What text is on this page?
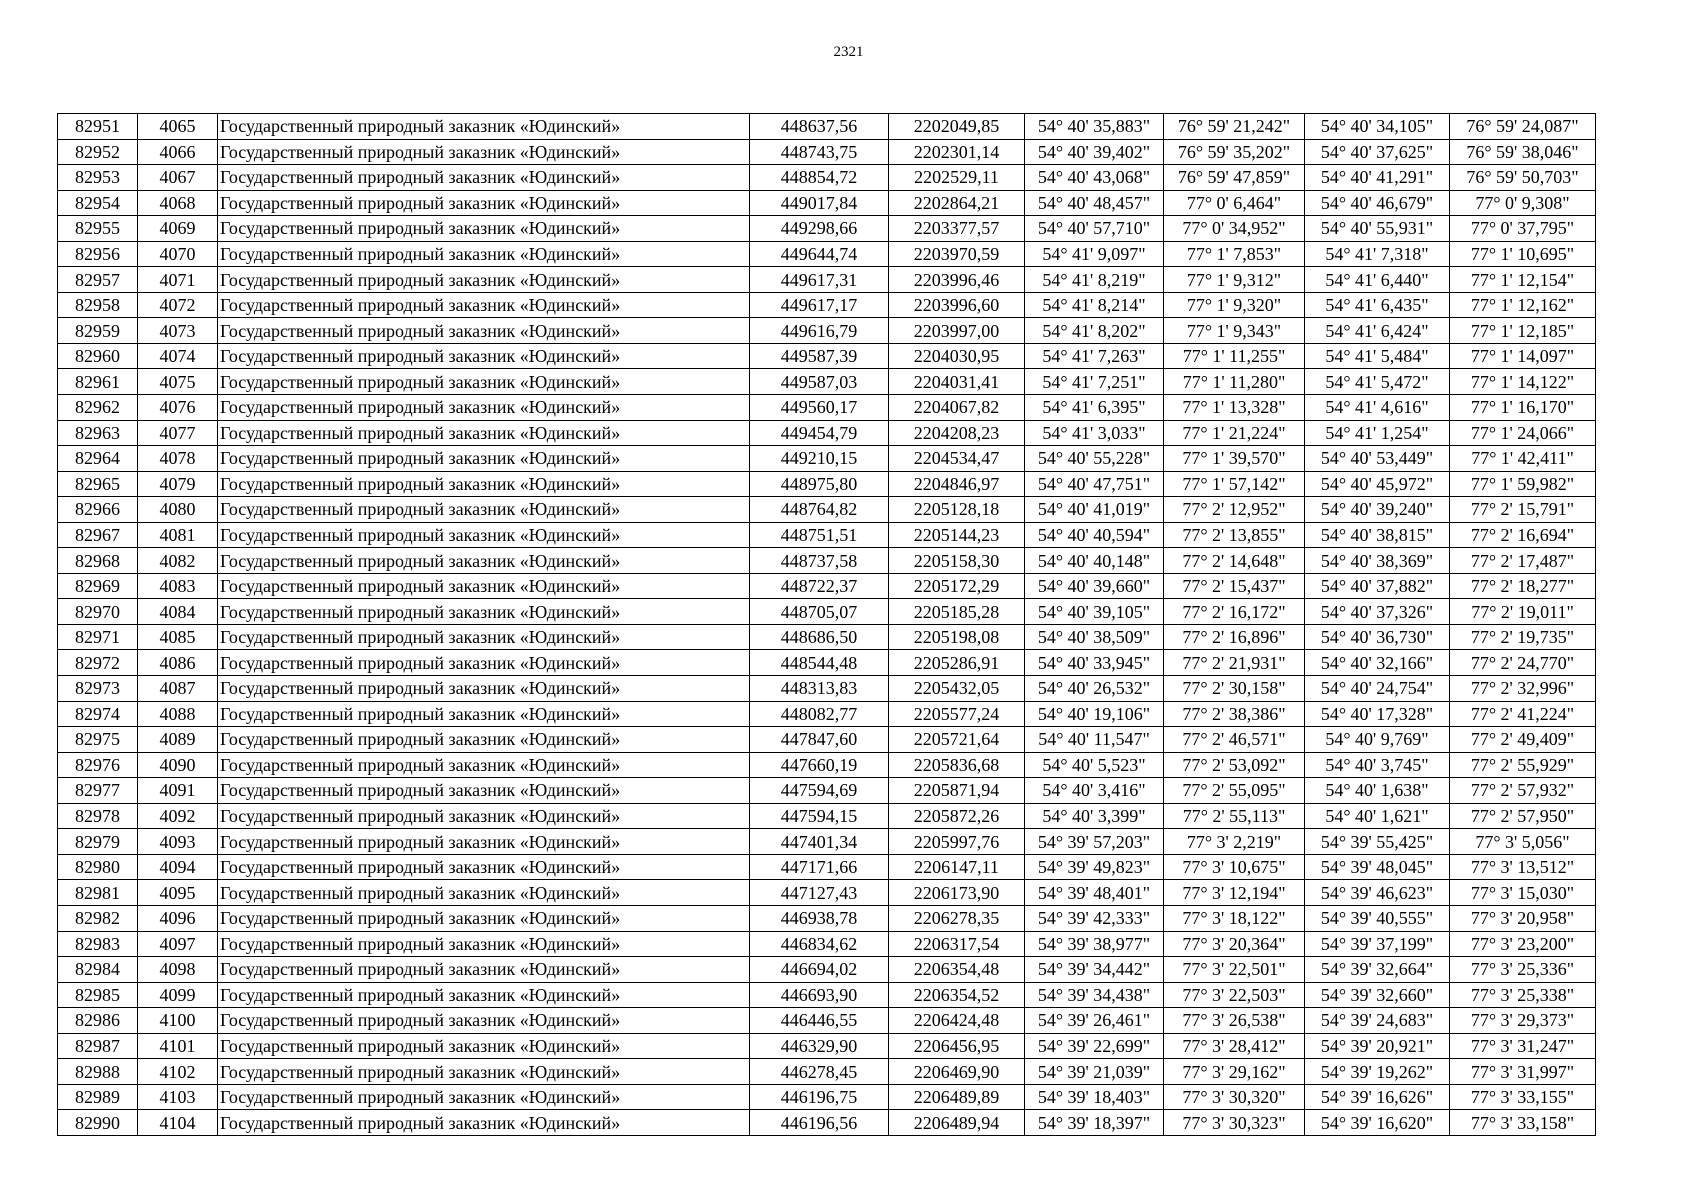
2321
82951	4065	Государственный природный заказник «Юдинский»	448637,56	2202049,85	54° 40' 35,883"	76° 59' 21,242"	54° 40' 34,105"	76° 59' 24,087"
82952	4066	Государственный природный заказник «Юдинский»	448743,75	2202301,14	54° 40' 39,402"	76° 59' 35,202"	54° 40' 37,625"	76° 59' 38,046"
82953	4067	Государственный природный заказник «Юдинский»	448854,72	2202529,11	54° 40' 43,068"	76° 59' 47,859"	54° 40' 41,291"	76° 59' 50,703"
82954	4068	Государственный природный заказник «Юдинский»	449017,84	2202864,21	54° 40' 48,457"	77° 0' 6,464"	54° 40' 46,679"	77° 0' 9,308"
82955	4069	Государственный природный заказник «Юдинский»	449298,66	2203377,57	54° 40' 57,710"	77° 0' 34,952"	54° 40' 55,931"	77° 0' 37,795"
82956	4070	Государственный природный заказник «Юдинский»	449644,74	2203970,59	54° 41' 9,097"	77° 1' 7,853"	54° 41' 7,318"	77° 1' 10,695"
82957	4071	Государственный природный заказник «Юдинский»	449617,31	2203996,46	54° 41' 8,219"	77° 1' 9,312"	54° 41' 6,440"	77° 1' 12,154"
82958	4072	Государственный природный заказник «Юдинский»	449617,17	2203996,60	54° 41' 8,214"	77° 1' 9,320"	54° 41' 6,435"	77° 1' 12,162"
82959	4073	Государственный природный заказник «Юдинский»	449616,79	2203997,00	54° 41' 8,202"	77° 1' 9,343"	54° 41' 6,424"	77° 1' 12,185"
82960	4074	Государственный природный заказник «Юдинский»	449587,39	2204030,95	54° 41' 7,263"	77° 1' 11,255"	54° 41' 5,484"	77° 1' 14,097"
82961	4075	Государственный природный заказник «Юдинский»	449587,03	2204031,41	54° 41' 7,251"	77° 1' 11,280"	54° 41' 5,472"	77° 1' 14,122"
82962	4076	Государственный природный заказник «Юдинский»	449560,17	2204067,82	54° 41' 6,395"	77° 1' 13,328"	54° 41' 4,616"	77° 1' 16,170"
82963	4077	Государственный природный заказник «Юдинский»	449454,79	2204208,23	54° 41' 3,033"	77° 1' 21,224"	54° 41' 1,254"	77° 1' 24,066"
82964	4078	Государственный природный заказник «Юдинский»	449210,15	2204534,47	54° 40' 55,228"	77° 1' 39,570"	54° 40' 53,449"	77° 1' 42,411"
82965	4079	Государственный природный заказник «Юдинский»	448975,80	2204846,97	54° 40' 47,751"	77° 1' 57,142"	54° 40' 45,972"	77° 1' 59,982"
82966	4080	Государственный природный заказник «Юдинский»	448764,82	2205128,18	54° 40' 41,019"	77° 2' 12,952"	54° 40' 39,240"	77° 2' 15,791"
82967	4081	Государственный природный заказник «Юдинский»	448751,51	2205144,23	54° 40' 40,594"	77° 2' 13,855"	54° 40' 38,815"	77° 2' 16,694"
82968	4082	Государственный природный заказник «Юдинский»	448737,58	2205158,30	54° 40' 40,148"	77° 2' 14,648"	54° 40' 38,369"	77° 2' 17,487"
82969	4083	Государственный природный заказник «Юдинский»	448722,37	2205172,29	54° 40' 39,660"	77° 2' 15,437"	54° 40' 37,882"	77° 2' 18,277"
82970	4084	Государственный природный заказник «Юдинский»	448705,07	2205185,28	54° 40' 39,105"	77° 2' 16,172"	54° 40' 37,326"	77° 2' 19,011"
82971	4085	Государственный природный заказник «Юдинский»	448686,50	2205198,08	54° 40' 38,509"	77° 2' 16,896"	54° 40' 36,730"	77° 2' 19,735"
82972	4086	Государственный природный заказник «Юдинский»	448544,48	2205286,91	54° 40' 33,945"	77° 2' 21,931"	54° 40' 32,166"	77° 2' 24,770"
82973	4087	Государственный природный заказник «Юдинский»	448313,83	2205432,05	54° 40' 26,532"	77° 2' 30,158"	54° 40' 24,754"	77° 2' 32,996"
82974	4088	Государственный природный заказник «Юдинский»	448082,77	2205577,24	54° 40' 19,106"	77° 2' 38,386"	54° 40' 17,328"	77° 2' 41,224"
82975	4089	Государственный природный заказник «Юдинский»	447847,60	2205721,64	54° 40' 11,547"	77° 2' 46,571"	54° 40' 9,769"	77° 2' 49,409"
82976	4090	Государственный природный заказник «Юдинский»	447660,19	2205836,68	54° 40' 5,523"	77° 2' 53,092"	54° 40' 3,745"	77° 2' 55,929"
82977	4091	Государственный природный заказник «Юдинский»	447594,69	2205871,94	54° 40' 3,416"	77° 2' 55,095"	54° 40' 1,638"	77° 2' 57,932"
82978	4092	Государственный природный заказник «Юдинский»	447594,15	2205872,26	54° 40' 3,399"	77° 2' 55,113"	54° 40' 1,621"	77° 2' 57,950"
82979	4093	Государственный природный заказник «Юдинский»	447401,34	2205997,76	54° 39' 57,203"	77° 3' 2,219"	54° 39' 55,425"	77° 3' 5,056"
82980	4094	Государственный природный заказник «Юдинский»	447171,66	2206147,11	54° 39' 49,823"	77° 3' 10,675"	54° 39' 48,045"	77° 3' 13,512"
82981	4095	Государственный природный заказник «Юдинский»	447127,43	2206173,90	54° 39' 48,401"	77° 3' 12,194"	54° 39' 46,623"	77° 3' 15,030"
82982	4096	Государственный природный заказник «Юдинский»	446938,78	2206278,35	54° 39' 42,333"	77° 3' 18,122"	54° 39' 40,555"	77° 3' 20,958"
82983	4097	Государственный природный заказник «Юдинский»	446834,62	2206317,54	54° 39' 38,977"	77° 3' 20,364"	54° 39' 37,199"	77° 3' 23,200"
82984	4098	Государственный природный заказник «Юдинский»	446694,02	2206354,48	54° 39' 34,442"	77° 3' 22,501"	54° 39' 32,664"	77° 3' 25,336"
82985	4099	Государственный природный заказник «Юдинский»	446693,90	2206354,52	54° 39' 34,438"	77° 3' 22,503"	54° 39' 32,660"	77° 3' 25,338"
82986	4100	Государственный природный заказник «Юдинский»	446446,55	2206424,48	54° 39' 26,461"	77° 3' 26,538"	54° 39' 24,683"	77° 3' 29,373"
82987	4101	Государственный природный заказник «Юдинский»	446329,90	2206456,95	54° 39' 22,699"	77° 3' 28,412"	54° 39' 20,921"	77° 3' 31,247"
82988	4102	Государственный природный заказник «Юдинский»	446278,45	2206469,90	54° 39' 21,039"	77° 3' 29,162"	54° 39' 19,262"	77° 3' 31,997"
82989	4103	Государственный природный заказник «Юдинский»	446196,75	2206489,89	54° 39' 18,403"	77° 3' 30,320"	54° 39' 16,626"	77° 3' 33,155"
82990	4104	Государственный природный заказник «Юдинский»	446196,56	2206489,94	54° 39' 18,397"	77° 3' 30,323"	54° 39' 16,620"	77° 3' 33,158"
